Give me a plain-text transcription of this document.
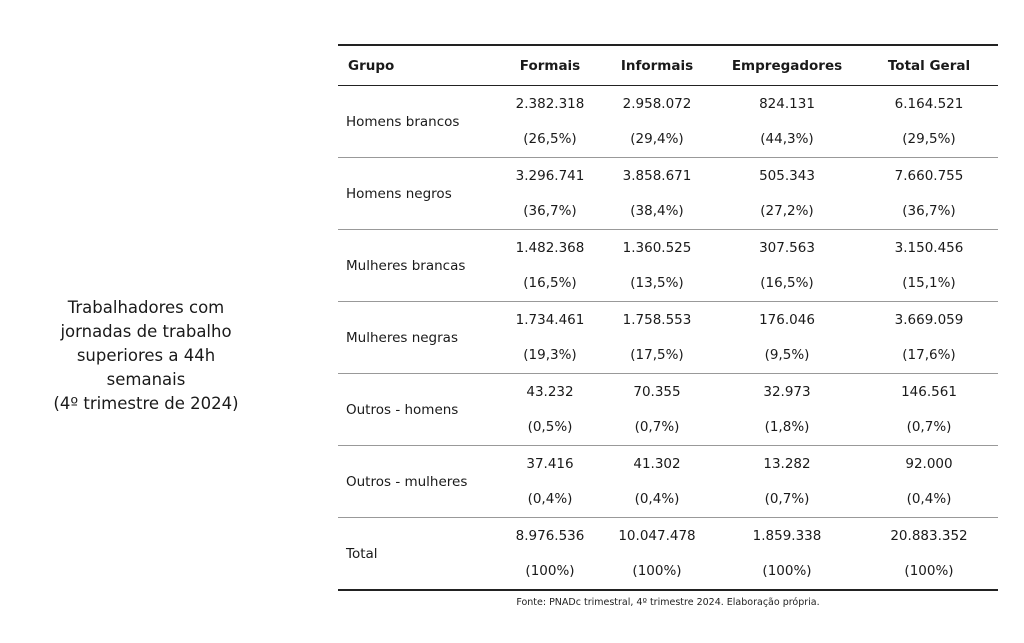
Trabalhadores com
jornadas de trabalho
superiores a 44h
semanais
(4º trimestre de 2024)
Grupo	Formais	Informais	Empregadores	Total Geral
Homens brancos	2.382.318	2.958.072	824.131	6.164.521
	(26,5%)	(29,4%)	(44,3%)	(29,5%)
Homens negros	3.296.741	3.858.671	505.343	7.660.755
	(36,7%)	(38,4%)	(27,2%)	(36,7%)
Mulheres brancas	1.482.368	1.360.525	307.563	3.150.456
	(16,5%)	(13,5%)	(16,5%)	(15,1%)
Mulheres negras	1.734.461	1.758.553	176.046	3.669.059
	(19,3%)	(17,5%)	(9,5%)	(17,6%)
Outros - homens	43.232	70.355	32.973	146.561
	(0,5%)	(0,7%)	(1,8%)	(0,7%)
Outros - mulheres	37.416	41.302	13.282	92.000
	(0,4%)	(0,4%)	(0,7%)	(0,4%)
Total	8.976.536	10.047.478	1.859.338	20.883.352
	(100%)	(100%)	(100%)	(100%)
Fonte: PNADc trimestral, 4º trimestre 2024. Elaboração própria.
